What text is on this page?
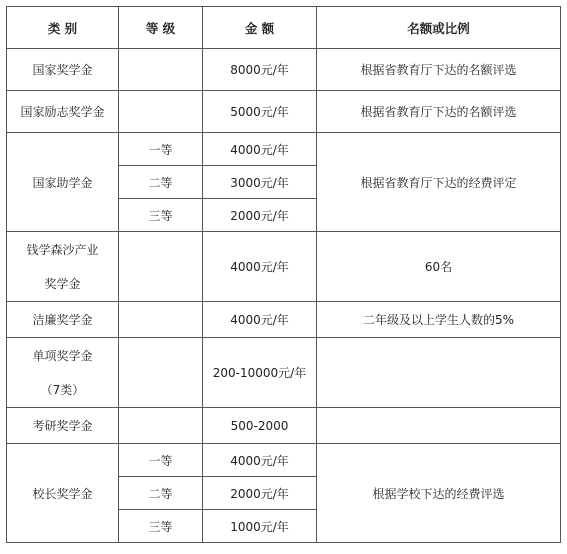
类 别	等 级	金 额	名额或比例
国家奖学金		8000元/年	根据省教育厅下达的名额评选
国家励志奖学金		5000元/年	根据省教育厅下达的名额评选
国家助学金	一等	4000元/年	根据省教育厅下达的经费评定
	二等	3000元/年	
	三等	2000元/年	

钱学森沙产业
奖学金		4000元/年	60名
洁廉奖学金		4000元/年	二年级及以上学生人数的5%

单项奖学金
（7类）		200-10000元/年	
考研奖学金		500-2000	
校长奖学金	一等	4000元/年	根据学校下达的经费评选
	二等	2000元/年	
	三等	1000元/年	
